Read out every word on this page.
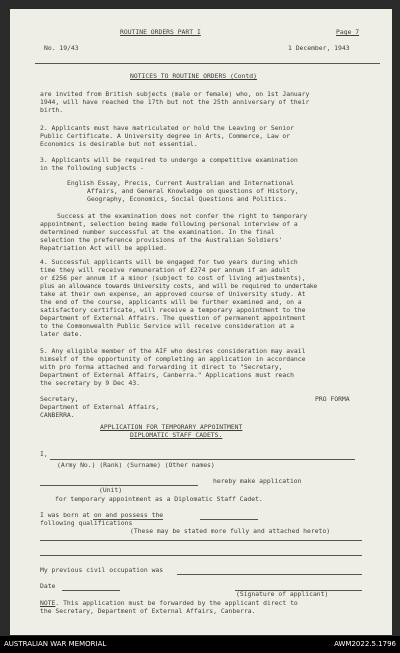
ROUTINE ORDERS PART I	Page 7
No. 19/43	1 December, 1943
NOTICES TO ROUTINE ORDERS (Contd)
are invited from British subjects (male or female) who, on 1st January
1944, will have reached the 17th but not the 25th anniversary of their
birth.
2. Applicants must have matriculated or hold the Leaving or Senior
Public Certificate. A University degree in Arts, Commerce, Law or
Economics is desirable but not essential.
3. Applicants will be required to undergo a competitive examination
in the following subjects -
English Essay, Precis, Current Australian and International
Affairs, and General Knowledge on questions of History,
Geography, Economics, Social Questions and Politics.
Success at the examination does not confer the right to temporary
appointment, selection being made following personal interview of a
determined number successful at the examination. In the final
selection the preference provisions of the Australian Soldiers'
Repatriation Act will be applied.
4. Successful applicants will be engaged for two years during which
time they will receive remuneration of £274 per annum if an adult
or £256 per annum if a minor (subject to cost of living adjustments),
plus an allowance towards University costs, and will be required to undertake
take at their own expense, an approved course of University study. At
the end of the course, applicants will be further examined and, on a
satisfactory certificate, will receive a temporary appointment to the
Department of External Affairs. The question of permanent appointment
to the Commonwealth Public Service will receive consideration at a
later date.
5. Any eligible member of the AIF who desires consideration may avail
himself of the opportunity of completing an application in accordance
with pro forma attached and forwarding it direct to "Secretary,
Department of External Affairs, Canberra." Applications must reach
the secretary by 9 Dec 43.
Secretary,
Department of External Affairs,
CANBERRA.
PRO FORMA
APPLICATION FOR TEMPORARY APPOINTMENT
DIPLOMATIC STAFF CADETS.
I,
(Army No.) (Rank) (Surname) (Other names)
hereby make application
(Unit)
for temporary appointment as a Diplomatic Staff Cadet.
I was born at on and possess the
following qualifications
(These may be stated more fully and attached hereto)
My previous civil occupation was
Date
(Signature of applicant)
NOTE. This application must be forwarded by the applicant direct to
the Secretary, Department of External Affairs, Canberra.
AUSTRALIAN WAR MEMORIAL	AWM2022.5.1796
